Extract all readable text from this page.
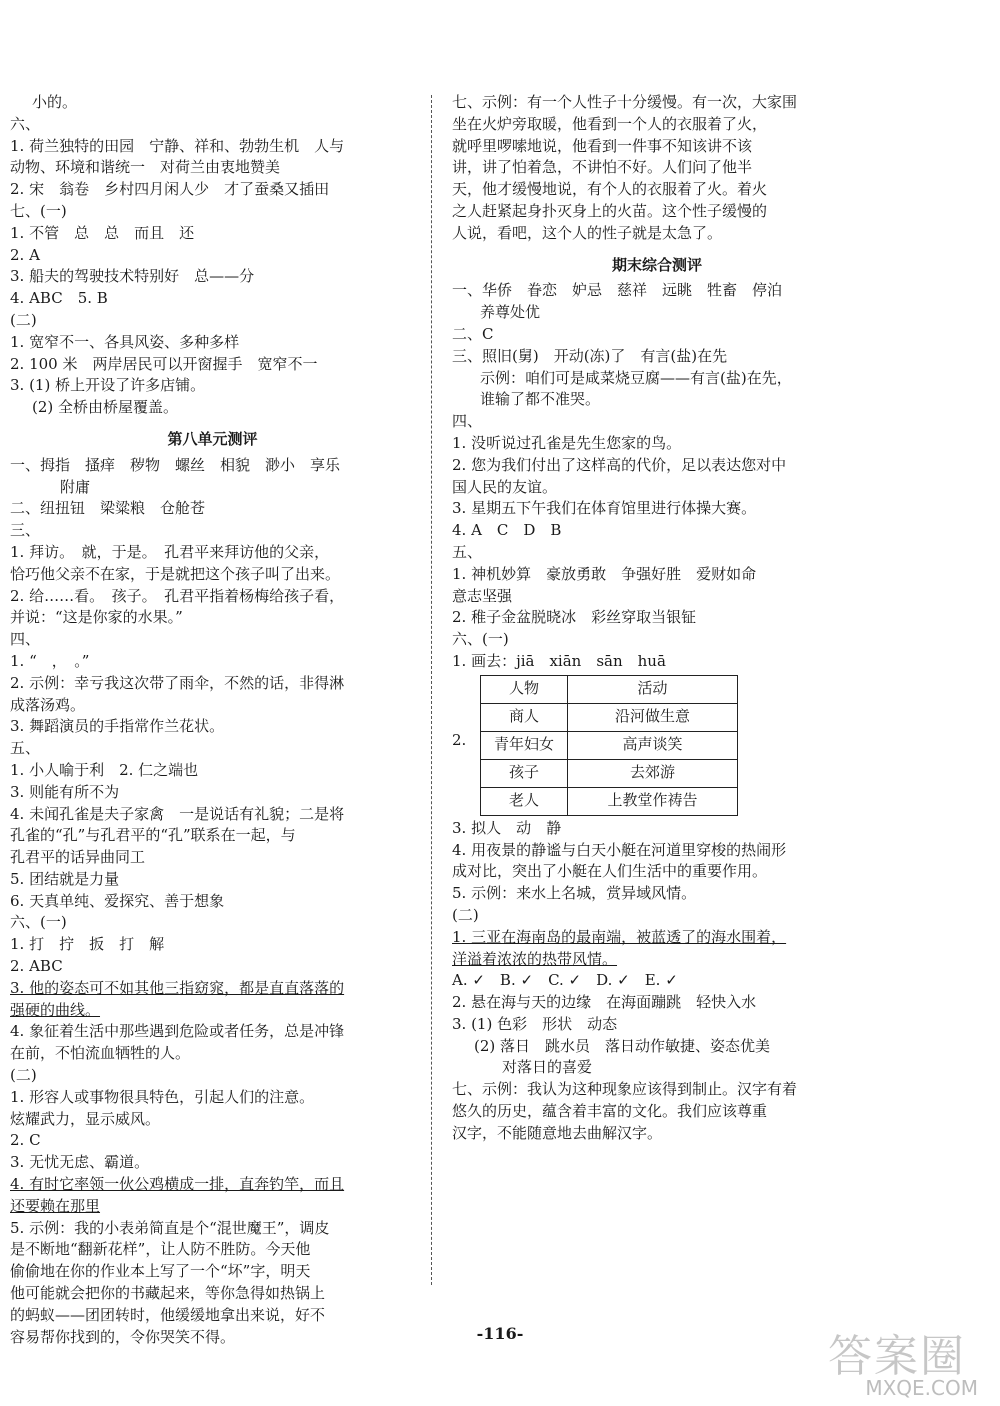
小的。
六、
1. 荷兰独特的田园　宁静、祥和、勃勃生机　人与
动物、环境和谐统一　对荷兰由衷地赞美
2. 宋　翁卷　乡村四月闲人少　才了蚕桑又插田
七、(一)
1. 不管　总　总　而且　还
2. A
3. 船夫的驾驶技术特别好　总——分
4. ABC　5. B
(二)
1. 宽窄不一、各具风姿、多种多样
2. 100 米　两岸居民可以开窗握手　宽窄不一
3. (1) 桥上开设了许多店铺。
(2) 全桥由桥屋覆盖。
第八单元测评
一、拇指　搔痒　秽物　螺丝　相貌　渺小　享乐
附庸
二、纽扭钮　梁粱粮　仓舱苍
三、
1. 拜访。　就，于是。　孔君平来拜访他的父亲，
恰巧他父亲不在家，于是就把这个孩子叫了出来。
2. 给……看。　孩子。　孔君平指着杨梅给孩子看，
并说：“这是你家的水果。”
四、
1. “　，　。”
2. 示例：幸亏我这次带了雨伞，不然的话，非得淋
成落汤鸡。
3. 舞蹈演员的手指常作兰花状。
五、
1. 小人喻于利　2. 仁之端也
3. 则能有所不为
4. 未闻孔雀是夫子家禽　一是说话有礼貌；二是将
孔雀的“孔”与孔君平的“孔”联系在一起，与
孔君平的话异曲同工
5. 团结就是力量
6. 天真单纯、爱探究、善于想象
六、(一)
1. 打　拧　扳　打　解
2. ABC
3. 他的姿态可不如其他三指窈窕，都是直直落落的
强硬的曲线。
4. 象征着生活中那些遇到危险或者任务，总是冲锋
在前，不怕流血牺牲的人。
(二)
1. 形容人或事物很具特色，引起人们的注意。
炫耀武力，显示威风。
2. C
3. 无忧无虑、霸道。
4. 有时它率领一伙公鸡横成一排，直奔钓竿，而且
还要赖在那里
5. 示例：我的小表弟简直是个“混世魔王”，调皮
是不断地“翻新花样”，让人防不胜防。今天他
偷偷地在你的作业本上写了一个“坏”字，明天
他可能就会把你的书藏起来，等你急得如热锅上
的蚂蚁——团团转时，他缓缓地拿出来说，好不
容易帮你找到的，令你哭笑不得。
七、示例：有一个人性子十分缓慢。有一次，大家围
坐在火炉旁取暖，他看到一个人的衣服着了火，
就呼里啰嗦地说，他看到一件事不知该讲不该
讲，讲了怕着急，不讲怕不好。人们问了他半
天，他才缓慢地说，有个人的衣服着了火。着火
之人赶紧起身扑灭身上的火苗。这个性子缓慢的
人说，看吧，这个人的性子就是太急了。
期末综合测评
一、华侨　眷恋　妒忌　慈祥　远眺　牲畜　停泊
养尊处优
二、C
三、照旧(舅)　开动(冻)了　有言(盐)在先
示例：咱们可是咸菜烧豆腐——有言(盐)在先，
谁输了都不准哭。
四、
1. 没听说过孔雀是先生您家的鸟。
2. 您为我们付出了这样高的代价，足以表达您对中
国人民的友谊。
3. 星期五下午我们在体育馆里进行体操大赛。
4. A　C　D　B
五、
1. 神机妙算　豪放勇敢　争强好胜　爱财如命
意志坚强
2. 稚子金盆脱晓冰　彩丝穿取当银钲
六、(一)
1. 画去：jiā　xiān　sān　huā
2.
人物	活动
商人	沿河做生意
青年妇女	高声谈笑
孩子	去郊游
老人	上教堂作祷告
3. 拟人　动　静
4. 用夜景的静谧与白天小艇在河道里穿梭的热闹形
成对比，突出了小艇在人们生活中的重要作用。
5. 示例：来水上名城，赏异域风情。
(二)
1. 三亚在海南岛的最南端，被蓝透了的海水围着，
洋溢着浓浓的热带风情。
A. ✓　B. ✓　C. ✓　D. ✓　E. ✓
2. 悬在海与天的边缘　在海面蹦跳　轻快入水
3. (1) 色彩　形状　动态
(2) 落日　跳水员　落日动作敏捷、姿态优美
对落日的喜爱
七、示例：我认为这种现象应该得到制止。汉字有着
悠久的历史，蕴含着丰富的文化。我们应该尊重
汉字，不能随意地去曲解汉字。
-116-	答案圈
MXQE.COM
